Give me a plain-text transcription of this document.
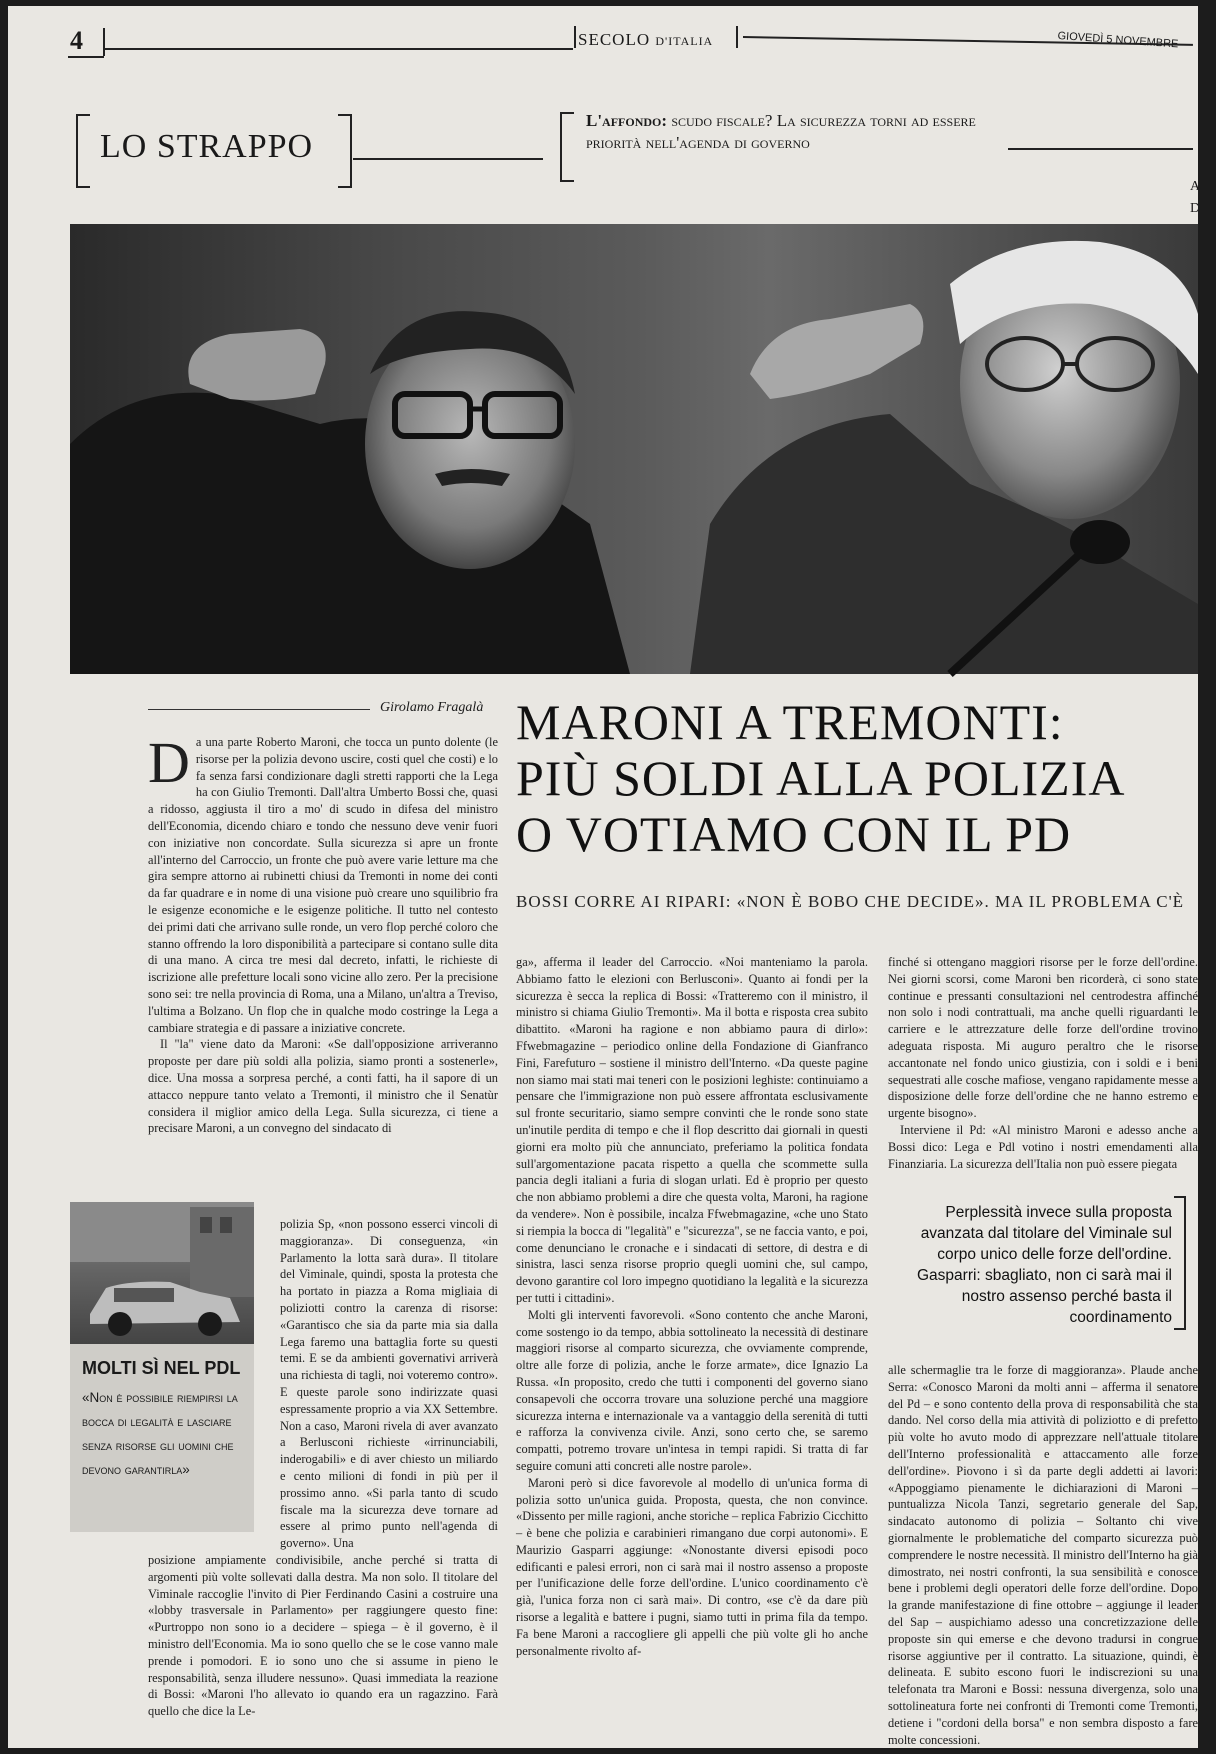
4	SECOLO D'ITALIA	GIOVEDÌ 5 NOVEMBRE
LO STRAPPO
L'affondo: scudo fiscale? La sicurezza torni ad essere priorità nell'agenda di governo
A
D
Girolamo Fragalà MARONI A TREMONTI:
PIÙ SOLDI ALLA POLIZIA
O VOTIAMO CON IL PD
BOSSI CORRE AI RIPARI: «NON È BOBO CHE DECIDE». MA IL PROBLEMA C'È

Da una parte Roberto Maroni, che tocca un punto dolente (le risorse per la polizia devono uscire, costi quel che costi) e lo fa senza farsi condizionare dagli stretti rapporti che la Lega ha con Giulio Tremonti. Dall'altra Umberto Bossi che, quasi a ridosso, aggiusta il tiro a mo' di scudo in difesa del ministro dell'Economia, dicendo chiaro e tondo che nessuno deve venir fuori con iniziative non concordate. Sulla sicurezza si apre un fronte all'interno del Carroccio, un fronte che può avere varie letture ma che gira sempre attorno ai rubinetti chiusi da Tremonti in nome dei conti da far quadrare e in nome di una visione può creare uno squilibrio fra le esigenze economiche e le esigenze politiche. Il tutto nel contesto dei primi dati che arrivano sulle ronde, un vero flop perché coloro che stanno offrendo la loro disponibilità a partecipare si contano sulle dita di una mano. A circa tre mesi dal decreto, infatti, le richieste di iscrizione alle prefetture locali sono vicine allo zero. Per la precisione sono sei: tre nella provincia di Roma, una a Milano, un'altra a Treviso, l'ultima a Bolzano. Un flop che in qualche modo costringe la Lega a cambiare strategia e di passare a iniziative concrete.

Il "la" viene dato da Maroni: «Se dall'opposizione arriveranno proposte per dare più soldi alla polizia, siamo pronti a sostenerle», dice. Una mossa a sorpresa perché, a conti fatti, ha il sapore di un attacco neppure tanto velato a Tremonti, il ministro che il Senatùr considera il miglior amico della Lega. Sulla sicurezza, ci tiene a precisare Maroni, a un convegno del sindacato di

polizia Sp, «non possono esserci vincoli di maggioranza». Di conseguenza, «in Parlamento la lotta sarà dura». Il titolare del Viminale, quindi, sposta la protesta che ha portato in piazza a Roma migliaia di poliziotti contro la carenza di risorse: «Garantisco che sia da parte mia sia dalla Lega faremo una battaglia forte su questi temi. E se da ambienti governativi arriverà una richiesta di tagli, noi voteremo contro». E queste parole sono indirizzate quasi espressamente proprio a via XX Settembre. Non a caso, Maroni rivela di aver avanzato a Berlusconi richieste «irrinunciabili, inderogabili» e di aver chiesto un miliardo e cento milioni di fondi in più per il prossimo anno. «Si parla tanto di scudo fiscale ma la sicurezza deve tornare ad essere al primo punto nell'agenda di governo». Una

posizione ampiamente condivisibile, anche perché si tratta di argomenti più volte sollevati dalla destra. Ma non solo. Il titolare del Viminale raccoglie l'invito di Pier Ferdinando Casini a costruire una «lobby trasversale in Parlamento» per raggiungere questo fine: «Purtroppo non sono io a decidere – spiega – è il governo, è il ministro dell'Economia. Ma io sono quello che se le cose vanno male prende i pomodori. E io sono uno che si assume in pieno le responsabilità, senza illudere nessuno». Quasi immediata la reazione di Bossi: «Maroni l'ho allevato io quando era un ragazzino. Farà quello che dice la Le-

ga», afferma il leader del Carroccio. «Noi manteniamo la parola. Abbiamo fatto le elezioni con Berlusconi». Quanto ai fondi per la sicurezza è secca la replica di Bossi: «Tratteremo con il ministro, il ministro si chiama Giulio Tremonti». Ma il botta e risposta crea subito dibattito. «Maroni ha ragione e non abbiamo paura di dirlo»: Ffwebmagazine – periodico online della Fondazione di Gianfranco Fini, Farefuturo – sostiene il ministro dell'Interno. «Da queste pagine non siamo mai stati mai teneri con le posizioni leghiste: continuiamo a pensare che l'immigrazione non può essere affrontata esclusivamente sul fronte securitario, siamo sempre convinti che le ronde sono state un'inutile perdita di tempo e che il flop descritto dai giornali in questi giorni era molto più che annunciato, preferiamo la politica fondata sull'argomentazione pacata rispetto a quella che scommette sulla pancia degli italiani a furia di slogan urlati. Ed è proprio per questo che non abbiamo problemi a dire che questa volta, Maroni, ha ragione da vendere». Non è possibile, incalza Ffwebmagazine, «che uno Stato si riempia la bocca di "legalità" e "sicurezza", se ne faccia vanto, e poi, come denunciano le cronache e i sindacati di settore, di destra e di sinistra, lasci senza risorse proprio quegli uomini che, sul campo, devono garantire col loro impegno quotidiano la legalità e la sicurezza per tutti i cittadini».

Molti gli interventi favorevoli. «Sono contento che anche Maroni, come sostengo io da tempo, abbia sottolineato la necessità di destinare maggiori risorse al comparto sicurezza, che ovviamente comprende, oltre alle forze di polizia, anche le forze armate», dice Ignazio La Russa. «In proposito, credo che tutti i componenti del governo siano consapevoli che occorra trovare una soluzione perché una maggiore sicurezza interna e internazionale va a vantaggio della serenità di tutti e rafforza la convivenza civile. Anzi, sono certo che, se saremo compatti, potremo trovare un'intesa in tempi rapidi. Si tratta di far seguire comuni atti concreti alle nostre parole».

Maroni però si dice favorevole al modello di un'unica forma di polizia sotto un'unica guida. Proposta, questa, che non convince. «Dissento per mille ragioni, anche storiche – replica Fabrizio Cicchitto – è bene che polizia e carabinieri rimangano due corpi autonomi». E Maurizio Gasparri aggiunge: «Nonostante diversi episodi poco edificanti e palesi errori, non ci sarà mai il nostro assenso a proposte per l'unificazione delle forze dell'ordine. L'unico coordinamento c'è già, l'unica forza non ci sarà mai». Di contro, «se c'è da dare più risorse a legalità e battere i pugni, siamo tutti in prima fila da tempo. Fa bene Maroni a raccogliere gli appelli che più volte gli ho anche personalmente rivolto af-

finché si ottengano maggiori risorse per le forze dell'ordine. Nei giorni scorsi, come Maroni ben ricorderà, ci sono state continue e pressanti consultazioni nel centrodestra affinché non solo i nodi contrattuali, ma anche quelli riguardanti le carriere e le attrezzature delle forze dell'ordine trovino adeguata risposta. Mi auguro peraltro che le risorse accantonate nel fondo unico giustizia, con i soldi e i beni sequestrati alle cosche mafiose, vengano rapidamente messe a disposizione delle forze dell'ordine che ne hanno estremo e urgente bisogno».

Interviene il Pd: «Al ministro Maroni e adesso anche a Bossi dico: Lega e Pdl votino i nostri emendamenti alla Finanziaria. La sicurezza dell'Italia non può essere piegata

alle schermaglie tra le forze di maggioranza». Plaude anche Serra: «Conosco Maroni da molti anni – afferma il senatore del Pd – e sono contento della prova di responsabilità che sta dando. Nel corso della mia attività di poliziotto e di prefetto più volte ho avuto modo di apprezzare nell'attuale titolare dell'Interno professionalità e attaccamento alle forze dell'ordine». Piovono i sì da parte degli addetti ai lavori: «Appoggiamo pienamente le dichiarazioni di Maroni – puntualizza Nicola Tanzi, segretario generale del Sap, sindacato autonomo di polizia – Soltanto chi vive giornalmente le problematiche del comparto sicurezza può comprendere le nostre necessità. Il ministro dell'Interno ha già dimostrato, nei nostri confronti, la sua sensibilità e conosce bene i problemi degli operatori delle forze dell'ordine. Dopo la grande manifestazione di fine ottobre – aggiunge il leader del Sap – auspichiamo adesso una concretizzazione delle proposte sin qui emerse e che devono tradursi in congrue risorse aggiuntive per il contratto. La situazione, quindi, è delineata. E subito escono fuori le indiscrezioni su una telefonata tra Maroni e Bossi: nessuna divergenza, solo una sottolineatura forte nei confronti di Tremonti come Tremonti, detiene i "cordoni della borsa" e non sembra disposto a fare molte concessioni.

MOLTI SÌ NEL PDL
«Non è possibile riempirsi la bocca di legalità e lasciare senza risorse gli uomini che devono garantirla»
Perplessità invece sulla proposta avanzata dal titolare del Viminale sul corpo unico delle forze dell'ordine. Gasparri: sbagliato, non ci sarà mai il nostro assenso perché basta il coordinamento
